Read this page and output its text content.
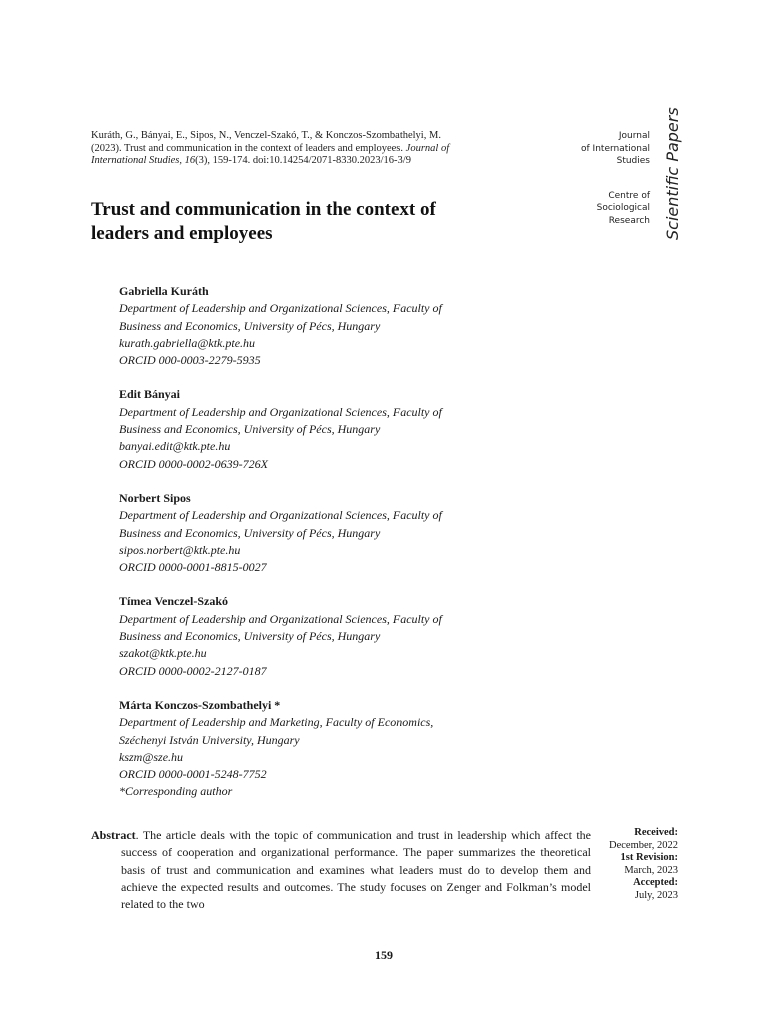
Kuráth, G., Bányai, E., Sipos, N., Venczel-Szakó, T., & Konczos-Szombathelyi, M. (2023). Trust and communication in the context of leaders and employees. Journal of International Studies, 16(3), 159-174. doi:10.14254/2071-8330.2023/16-3/9
Journal
of International
Studies
Centre of
Sociological
Research Scientific Papers
Trust and communication in the context of leaders and employees
Gabriella Kuráth
Department of Leadership and Organizational Sciences, Faculty of
Business and Economics, University of Pécs, Hungary
kurath.gabriella@ktk.pte.hu
ORCID 000-0003-2279-5935
Edit Bányai
Department of Leadership and Organizational Sciences, Faculty of
Business and Economics, University of Pécs, Hungary
banyai.edit@ktk.pte.hu
ORCID 0000-0002-0639-726X
Norbert Sipos
Department of Leadership and Organizational Sciences, Faculty of
Business and Economics, University of Pécs, Hungary
sipos.norbert@ktk.pte.hu
ORCID 0000-0001-8815-0027
Tímea Venczel-Szakó
Department of Leadership and Organizational Sciences, Faculty of
Business and Economics, University of Pécs, Hungary
szakot@ktk.pte.hu
ORCID 0000-0002-2127-0187
Márta Konczos-Szombathelyi *
Department of Leadership and Marketing, Faculty of Economics,
Széchenyi István University, Hungary
kszm@sze.hu
ORCID 0000-0001-5248-7752
*Corresponding author
Abstract. The article deals with the topic of communication and trust in leadership which affect the success of cooperation and organizational performance. The paper summarizes the theoretical basis of trust and communication and examines what leaders must do to develop them and achieve the expected results and outcomes. The study focuses on Zenger and Folkman’s model related to the two
Received:
December, 2022
1st Revision:
March, 2023
Accepted:
July, 2023
159
